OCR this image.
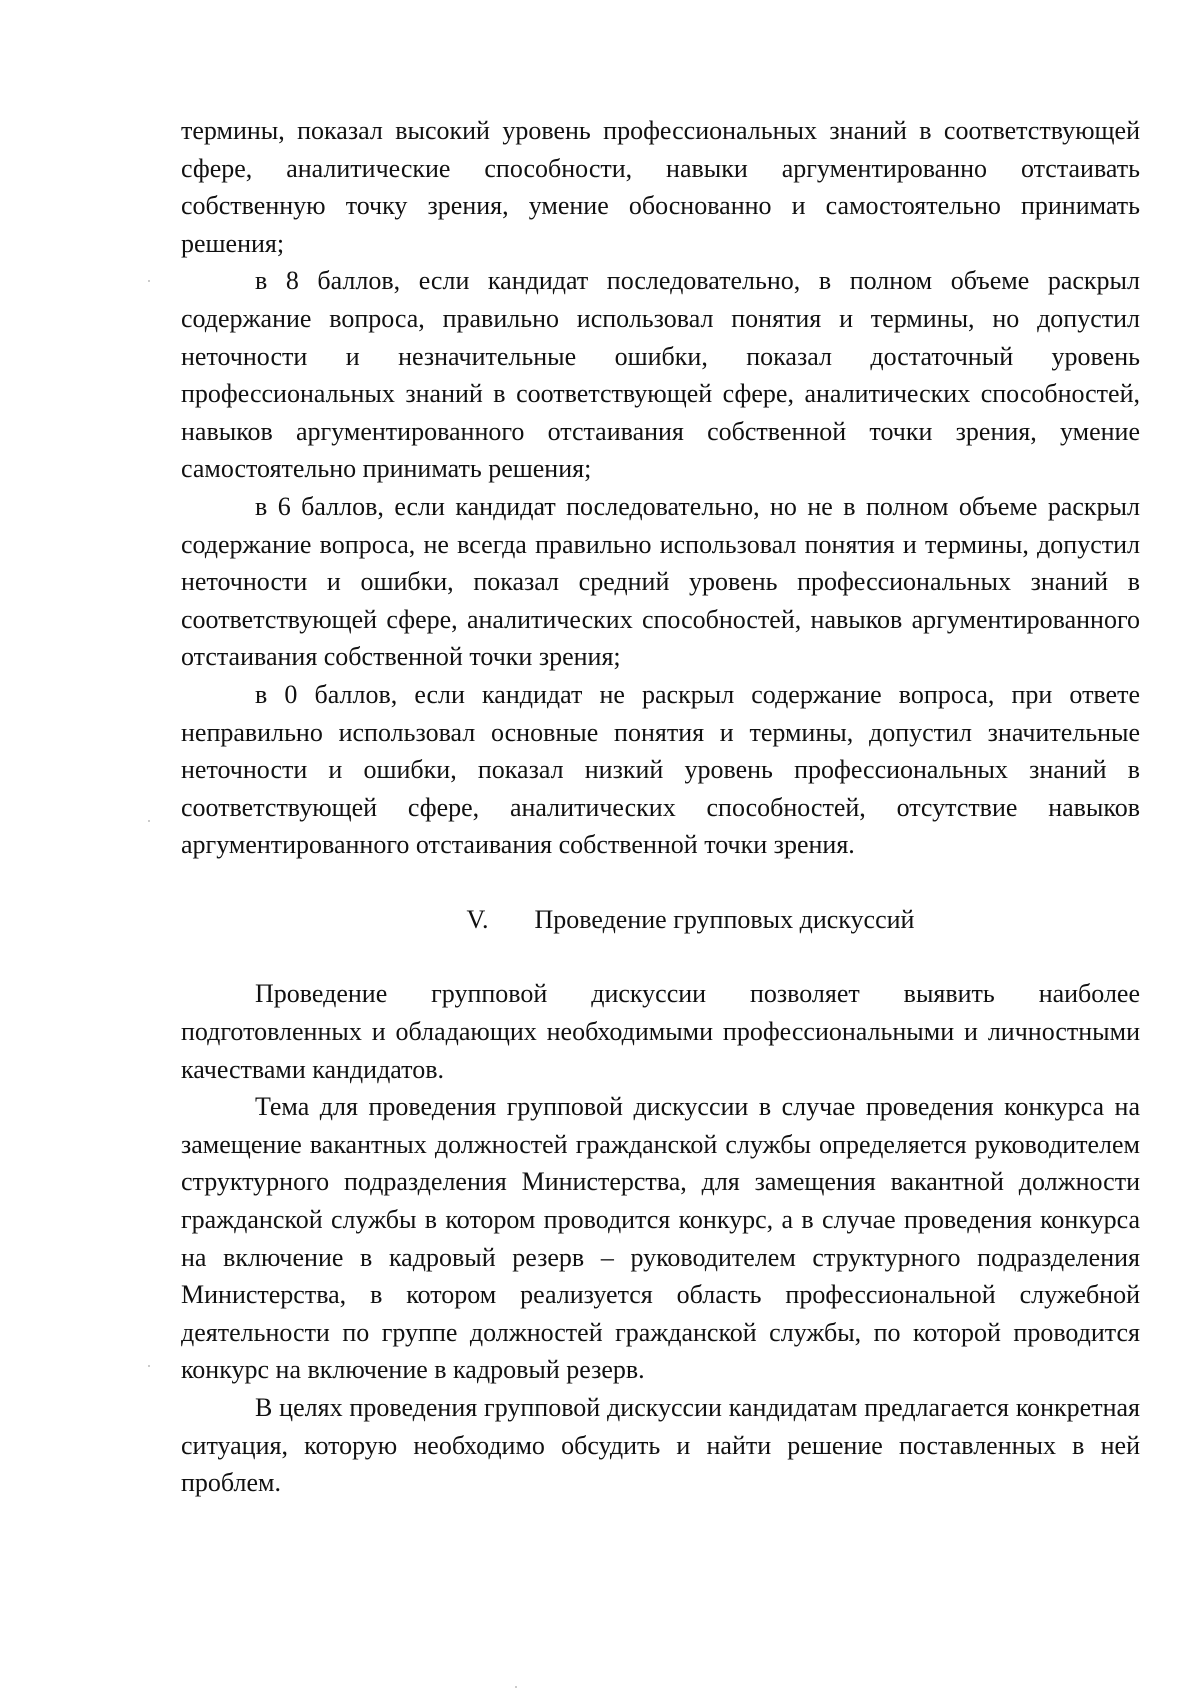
термины, показал высокий уровень профессиональных знаний в соответствующей сфере, аналитические способности, навыки аргументированно отстаивать собственную точку зрения, умение обоснованно и самостоятельно принимать решения;

в 8 баллов, если кандидат последовательно, в полном объеме раскрыл содержание вопроса, правильно использовал понятия и термины, но допустил неточности и незначительные ошибки, показал достаточный уровень профессиональных знаний в соответствующей сфере, аналитических способностей, навыков аргументированного отстаивания собственной точки зрения, умение самостоятельно принимать решения;

в 6 баллов, если кандидат последовательно, но не в полном объеме раскрыл содержание вопроса, не всегда правильно использовал понятия и термины, допустил неточности и ошибки, показал средний уровень профессиональных знаний в соответствующей сфере, аналитических способностей, навыков аргументированного отстаивания собственной точки зрения;

в 0 баллов, если кандидат не раскрыл содержание вопроса, при ответе неправильно использовал основные понятия и термины, допустил значительные неточности и ошибки, показал низкий уровень профессиональных знаний в соответствующей сфере, аналитических способностей, отсутствие навыков аргументированного отстаивания собственной точки зрения.

V. Проведение групповых дискуссий

Проведение групповой дискуссии позволяет выявить наиболее подготовленных и обладающих необходимыми профессиональными и личностными качествами кандидатов.

Тема для проведения групповой дискуссии в случае проведения конкурса на замещение вакантных должностей гражданской службы определяется руководителем структурного подразделения Министерства, для замещения вакантной должности гражданской службы в котором проводится конкурс, а в случае проведения конкурса на включение в кадровый резерв – руководителем структурного подразделения Министерства, в котором реализуется область профессиональной служебной деятельности по группе должностей гражданской службы, по которой проводится конкурс на включение в кадровый резерв.

В целях проведения групповой дискуссии кандидатам предлагается конкретная ситуация, которую необходимо обсудить и найти решение поставленных в ней проблем.
